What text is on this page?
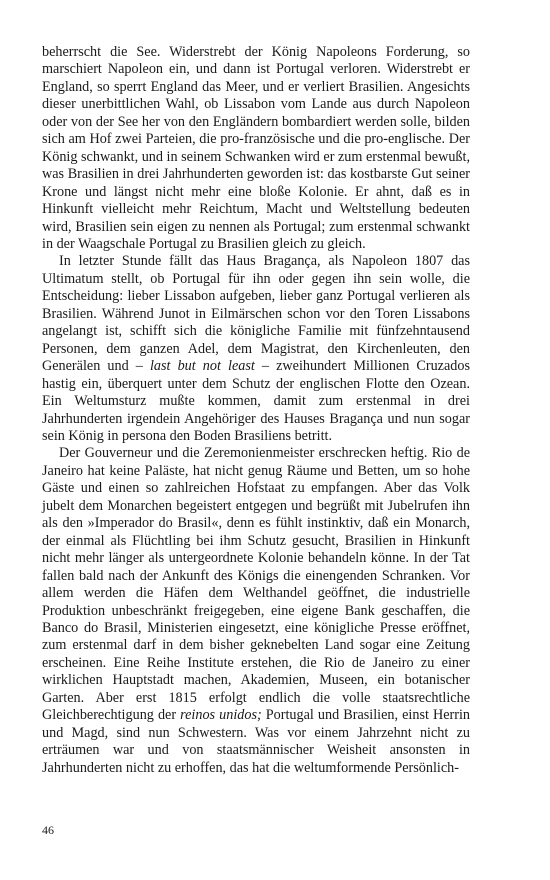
beherrscht die See. Widerstrebt der König Napoleons Forderung, so marschiert Napoleon ein, und dann ist Portugal verloren. Widerstrebt er England, so sperrt England das Meer, und er verliert Brasilien. Angesichts dieser unerbittlichen Wahl, ob Lissabon vom Lande aus durch Napoleon oder von der See her von den Engländern bombardiert werden solle, bilden sich am Hof zwei Parteien, die pro-französische und die pro-englische. Der König schwankt, und in seinem Schwanken wird er zum erstenmal bewußt, was Brasilien in drei Jahrhunderten geworden ist: das kostbarste Gut seiner Krone und längst nicht mehr eine bloße Kolonie. Er ahnt, daß es in Hinkunft vielleicht mehr Reichtum, Macht und Weltstellung bedeuten wird, Brasilien sein eigen zu nennen als Portugal; zum erstenmal schwankt in der Waagschale Portugal zu Brasilien gleich zu gleich.

In letzter Stunde fällt das Haus Bragança, als Napoleon 1807 das Ultimatum stellt, ob Portugal für ihn oder gegen ihn sein wolle, die Entscheidung: lieber Lissabon aufgeben, lieber ganz Portugal verlieren als Brasilien. Während Junot in Eilmärschen schon vor den Toren Lissabons angelangt ist, schifft sich die königliche Familie mit fünfzehntausend Personen, dem ganzen Adel, dem Magistrat, den Kirchenleuten, den Generälen und – last but not least – zweihundert Millionen Cruzados hastig ein, überquert unter dem Schutz der englischen Flotte den Ozean. Ein Weltumsturz mußte kommen, damit zum erstenmal in drei Jahrhunderten irgendein Angehöriger des Hauses Bragança und nun sogar sein König in persona den Boden Brasiliens betritt.

Der Gouverneur und die Zeremonienmeister erschrecken heftig. Rio de Janeiro hat keine Paläste, hat nicht genug Räume und Betten, um so hohe Gäste und einen so zahlreichen Hofstaat zu empfangen. Aber das Volk jubelt dem Monarchen begeistert entgegen und begrüßt mit Jubelrufen ihn als den »Imperador do Brasil«, denn es fühlt instinktiv, daß ein Monarch, der einmal als Flüchtling bei ihm Schutz gesucht, Brasilien in Hinkunft nicht mehr länger als untergeordnete Kolonie behandeln könne. In der Tat fallen bald nach der Ankunft des Königs die einengenden Schranken. Vor allem werden die Häfen dem Welthandel geöffnet, die industrielle Produktion unbeschränkt freigegeben, eine eigene Bank geschaffen, die Banco do Brasil, Ministerien eingesetzt, eine königliche Presse eröffnet, zum erstenmal darf in dem bisher geknebelten Land sogar eine Zeitung erscheinen. Eine Reihe Institute erstehen, die Rio de Janeiro zu einer wirklichen Hauptstadt machen, Akademien, Museen, ein botanischer Garten. Aber erst 1815 erfolgt endlich die volle staatsrechtliche Gleichberechtigung der reinos unidos; Portugal und Brasilien, einst Herrin und Magd, sind nun Schwestern. Was vor einem Jahrzehnt nicht zu erträumen war und von staatsmännischer Weisheit ansonsten in Jahrhunderten nicht zu erhoffen, das hat die weltumformende Persönlich-

46
